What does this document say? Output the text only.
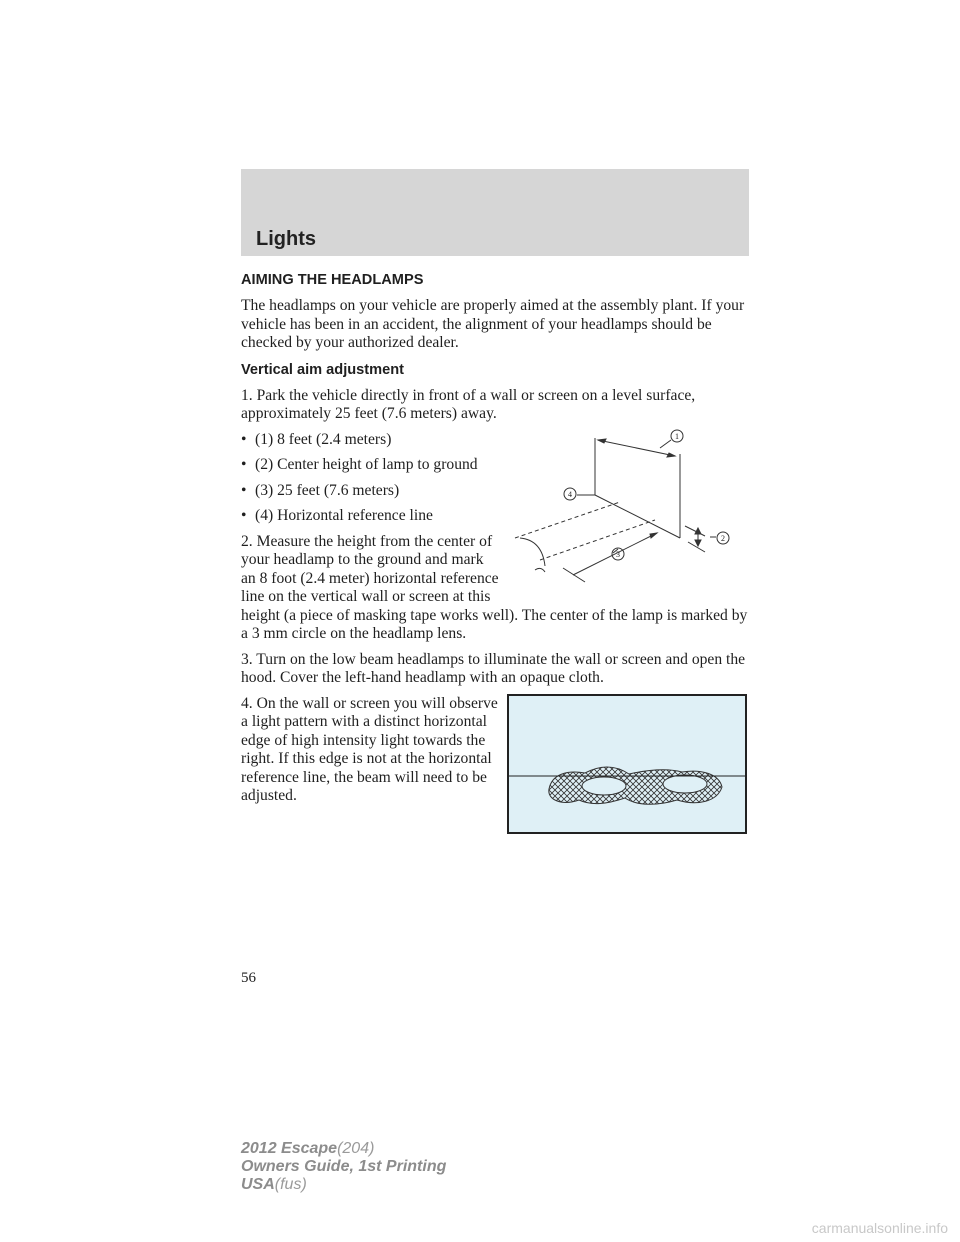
Lights

AIMING THE HEADLAMPS

The headlamps on your vehicle are properly aimed at the assembly plant. If your vehicle has been in an accident, the alignment of your headlamps should be checked by your authorized dealer.

Vertical aim adjustment

1. Park the vehicle directly in front of a wall or screen on a level surface, approximately 25 feet (7.6 meters) away.

• (1) 8 feet (2.4 meters)

• (2) Center height of lamp to ground

• (3) 25 feet (7.6 meters)

• (4) Horizontal reference line

2. Measure the height from the center of your headlamp to the ground and mark an 8 foot (2.4 meter) horizontal reference line on the vertical wall or screen at this
height (a piece of masking tape works well). The center of the lamp is marked by a 3 mm circle on the headlamp lens.

3. Turn on the low beam headlamps to illuminate the wall or screen and open the hood. Cover the left-hand headlamp with an opaque cloth.

4. On the wall or screen you will observe a light pattern with a distinct horizontal edge of high intensity light towards the right. If this edge is not at the horizontal reference line, the beam will need to be adjusted.

1
4
2
3
56
2012 Escape(204)
Owners Guide, 1st Printing
USA(fus)
carmanualsonline.info
